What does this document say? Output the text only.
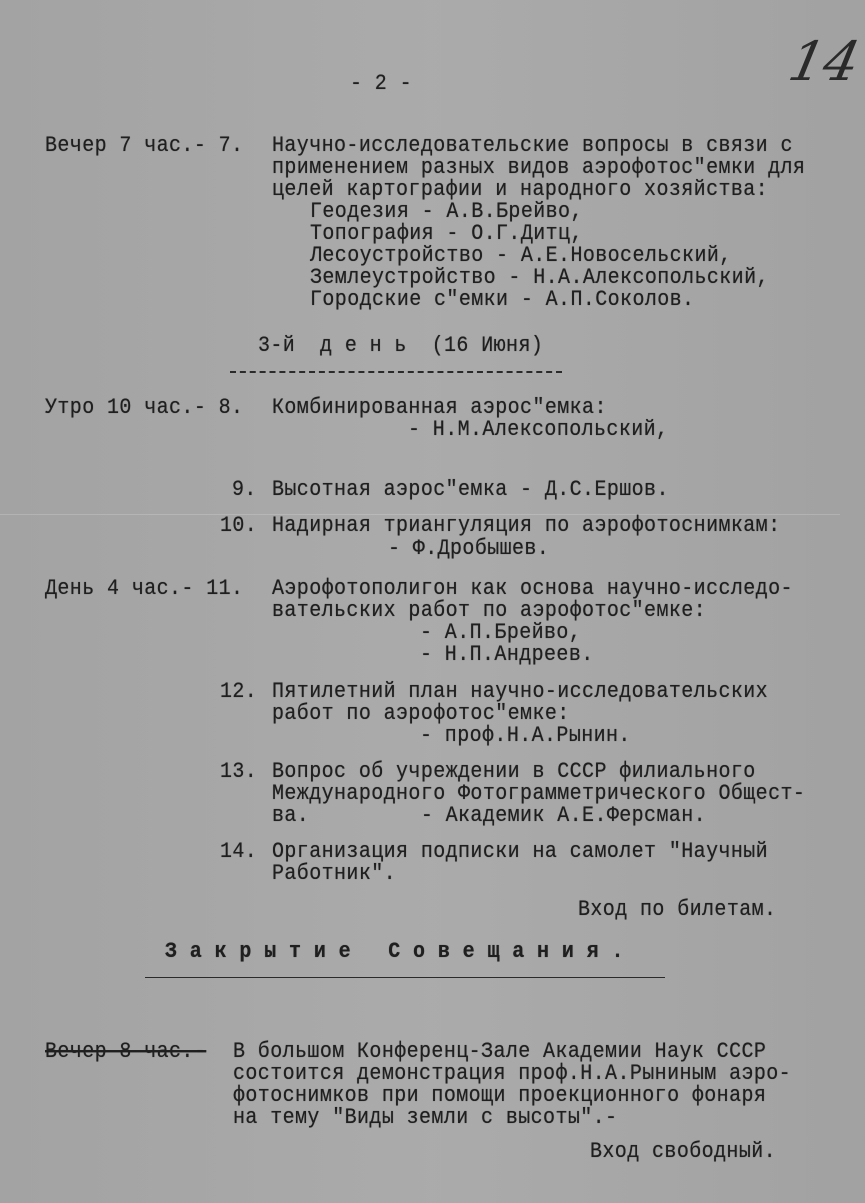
- 2 -	14
Вечер 7 час.- 7. Научно-исследовательские вопросы в связи с
применением разных видов аэрофотос"емки для
целей картографии и народного хозяйства:
Геодезия - А.В.Брейво,
Топография - О.Г.Дитц,
Лесоустройство - А.Е.Новосельский,
Землеустройство - Н.А.Алексопольский,
Городские с"емки - А.П.Соколов.
3-й  д е н ь  (16 Июня)
Утро 10 час.- 8. Комбинированная аэрос"емка:
- Н.М.Алексопольский,
9. Высотная аэрос"емка - Д.С.Ершов.
10. Надирная триангуляция по аэрофотоснимкам:
- Ф.Дробышев.
День 4 час.- 11. Аэрофотополигон как основа научно-исследо-
вательских работ по аэрофотос"емке:
- А.П.Брейво,
- Н.П.Андреев.
12. Пятилетний план научно-исследовательских
работ по аэрофотос"емке:
- проф.Н.А.Рынин.
13. Вопрос об учреждении в СССР филиального
Международного Фотограмметрического Общест-
ва.         - Академик А.Е.Ферсман.
14. Организация подписки на самолет "Научный
Работник".
Вход по билетам.
З а к р ы т и е   С о в е щ а н и я .
Вечер 8 час.- В большом Конференц-Зале Академии Наук СССР
состоится демонстрация проф.Н.А.Рыниным аэро-
фотоснимков при помощи проекционного фонаря
на тему "Виды земли с высоты".-
Вход свободный.
